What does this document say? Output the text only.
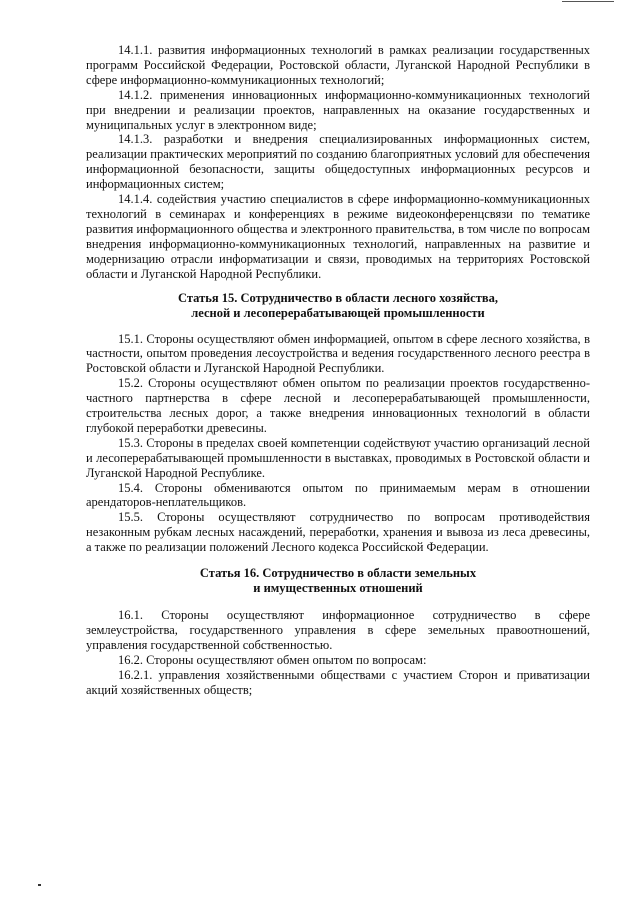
14.1.1. развития информационных технологий в рамках реализации государственных программ Российской Федерации, Ростовской области, Луганской Народной Республики в сфере информационно-коммуникационных технологий;

14.1.2. применения инновационных информационно-коммуникационных технологий при внедрении и реализации проектов, направленных на оказание государственных и муниципальных услуг в электронном виде;

14.1.3. разработки и внедрения специализированных информационных систем, реализации практических мероприятий по созданию благоприятных условий для обеспечения информационной безопасности, защиты общедоступных информационных ресурсов и информационных систем;

14.1.4. содействия участию специалистов в сфере информационно-коммуникационных технологий в семинарах и конференциях в режиме видеоконференцсвязи по тематике развития информационного общества и электронного правительства, в том числе по вопросам внедрения информационно-коммуникационных технологий, направленных на развитие и модернизацию отрасли информатизации и связи, проводимых на территориях Ростовской области и Луганской Народной Республики.

Статья 15. Сотрудничество в области лесного хозяйства,
лесной и лесоперерабатывающей промышленности

15.1. Стороны осуществляют обмен информацией, опытом в сфере лесного хозяйства, в частности, опытом проведения лесоустройства и ведения государственного лесного реестра в Ростовской области и Луганской Народной Республики.

15.2. Стороны осуществляют обмен опытом по реализации проектов государственно-частного партнерства в сфере лесной и лесоперерабатывающей промышленности, строительства лесных дорог, а также внедрения инновационных технологий в области глубокой переработки древесины.

15.3. Стороны в пределах своей компетенции содействуют участию организаций лесной и лесоперерабатывающей промышленности в выставках, проводимых в Ростовской области и Луганской Народной Республике.

15.4. Стороны обмениваются опытом по принимаемым мерам в отношении арендаторов-неплательщиков.

15.5. Стороны осуществляют сотрудничество по вопросам противодействия незаконным рубкам лесных насаждений, переработки, хранения и вывоза из леса древесины, а также по реализации положений Лесного кодекса Российской Федерации.

Статья 16. Сотрудничество в области земельных
и имущественных отношений

16.1. Стороны осуществляют информационное сотрудничество в сфере землеустройства, государственного управления в сфере земельных правоотношений, управления государственной собственностью.

16.2. Стороны осуществляют обмен опытом по вопросам:

16.2.1. управления хозяйственными обществами с участием Сторон и приватизации акций хозяйственных обществ;
